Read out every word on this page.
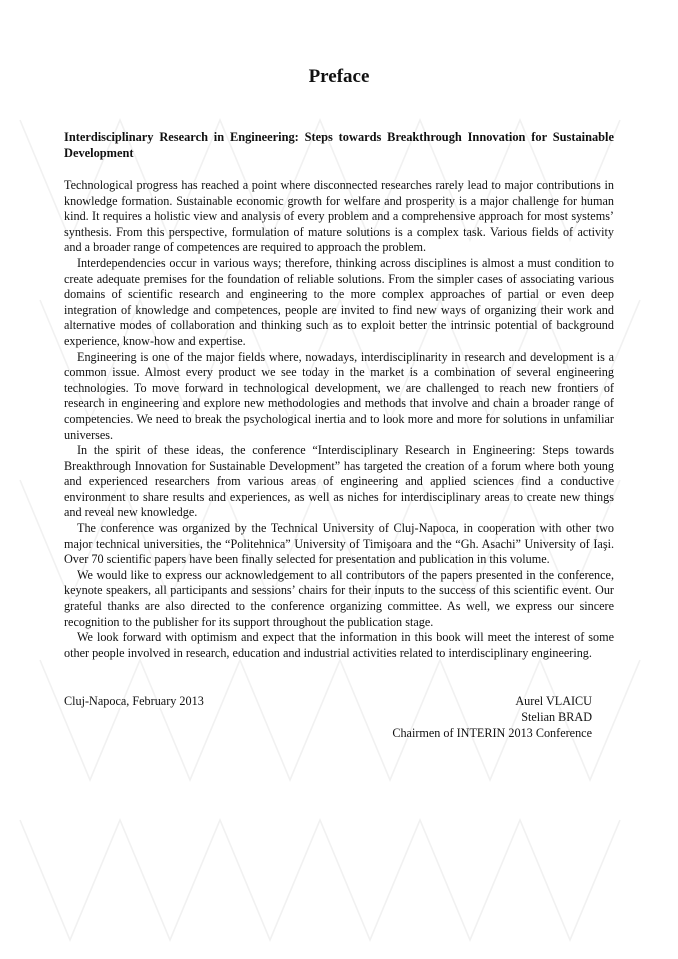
Preface
Interdisciplinary Research in Engineering: Steps towards Breakthrough Innovation for Sustainable Development

Technological progress has reached a point where disconnected researches rarely lead to major contributions in knowledge formation. Sustainable economic growth for welfare and prosperity is a major challenge for human kind. It requires a holistic view and analysis of every problem and a comprehensive approach for most systems’ synthesis. From this perspective, formulation of mature solutions is a complex task. Various fields of activity and a broader range of competences are required to approach the problem.

Interdependencies occur in various ways; therefore, thinking across disciplines is almost a must condition to create adequate premises for the foundation of reliable solutions. From the simpler cases of associating various domains of scientific research and engineering to the more complex approaches of partial or even deep integration of knowledge and competences, people are invited to find new ways of organizing their work and alternative modes of collaboration and thinking such as to exploit better the intrinsic potential of background experience, know-how and expertise.

Engineering is one of the major fields where, nowadays, interdisciplinarity in research and development is a common issue. Almost every product we see today in the market is a combination of several engineering technologies. To move forward in technological development, we are challenged to reach new frontiers of research in engineering and explore new methodologies and methods that involve and chain a broader range of competencies. We need to break the psychological inertia and to look more and more for solutions in unfamiliar universes.

In the spirit of these ideas, the conference “Interdisciplinary Research in Engineering: Steps towards Breakthrough Innovation for Sustainable Development” has targeted the creation of a forum where both young and experienced researchers from various areas of engineering and applied sciences find a conductive environment to share results and experiences, as well as niches for interdisciplinary areas to create new things and reveal new knowledge.

The conference was organized by the Technical University of Cluj-Napoca, in cooperation with other two major technical universities, the “Politehnica” University of Timişoara and the “Gh. Asachi” University of Iaşi. Over 70 scientific papers have been finally selected for presentation and publication in this volume.

We would like to express our acknowledgement to all contributors of the papers presented in the conference, keynote speakers, all participants and sessions’ chairs for their inputs to the success of this scientific event. Our grateful thanks are also directed to the conference organizing committee. As well, we express our sincere recognition to the publisher for its support throughout the publication stage.

We look forward with optimism and expect that the information in this book will meet the interest of some other people involved in research, education and industrial activities related to interdisciplinary engineering.

Cluj-Napoca, February 2013	Aurel VLAICU
Stelian BRAD
Chairmen of INTERIN 2013 Conference
